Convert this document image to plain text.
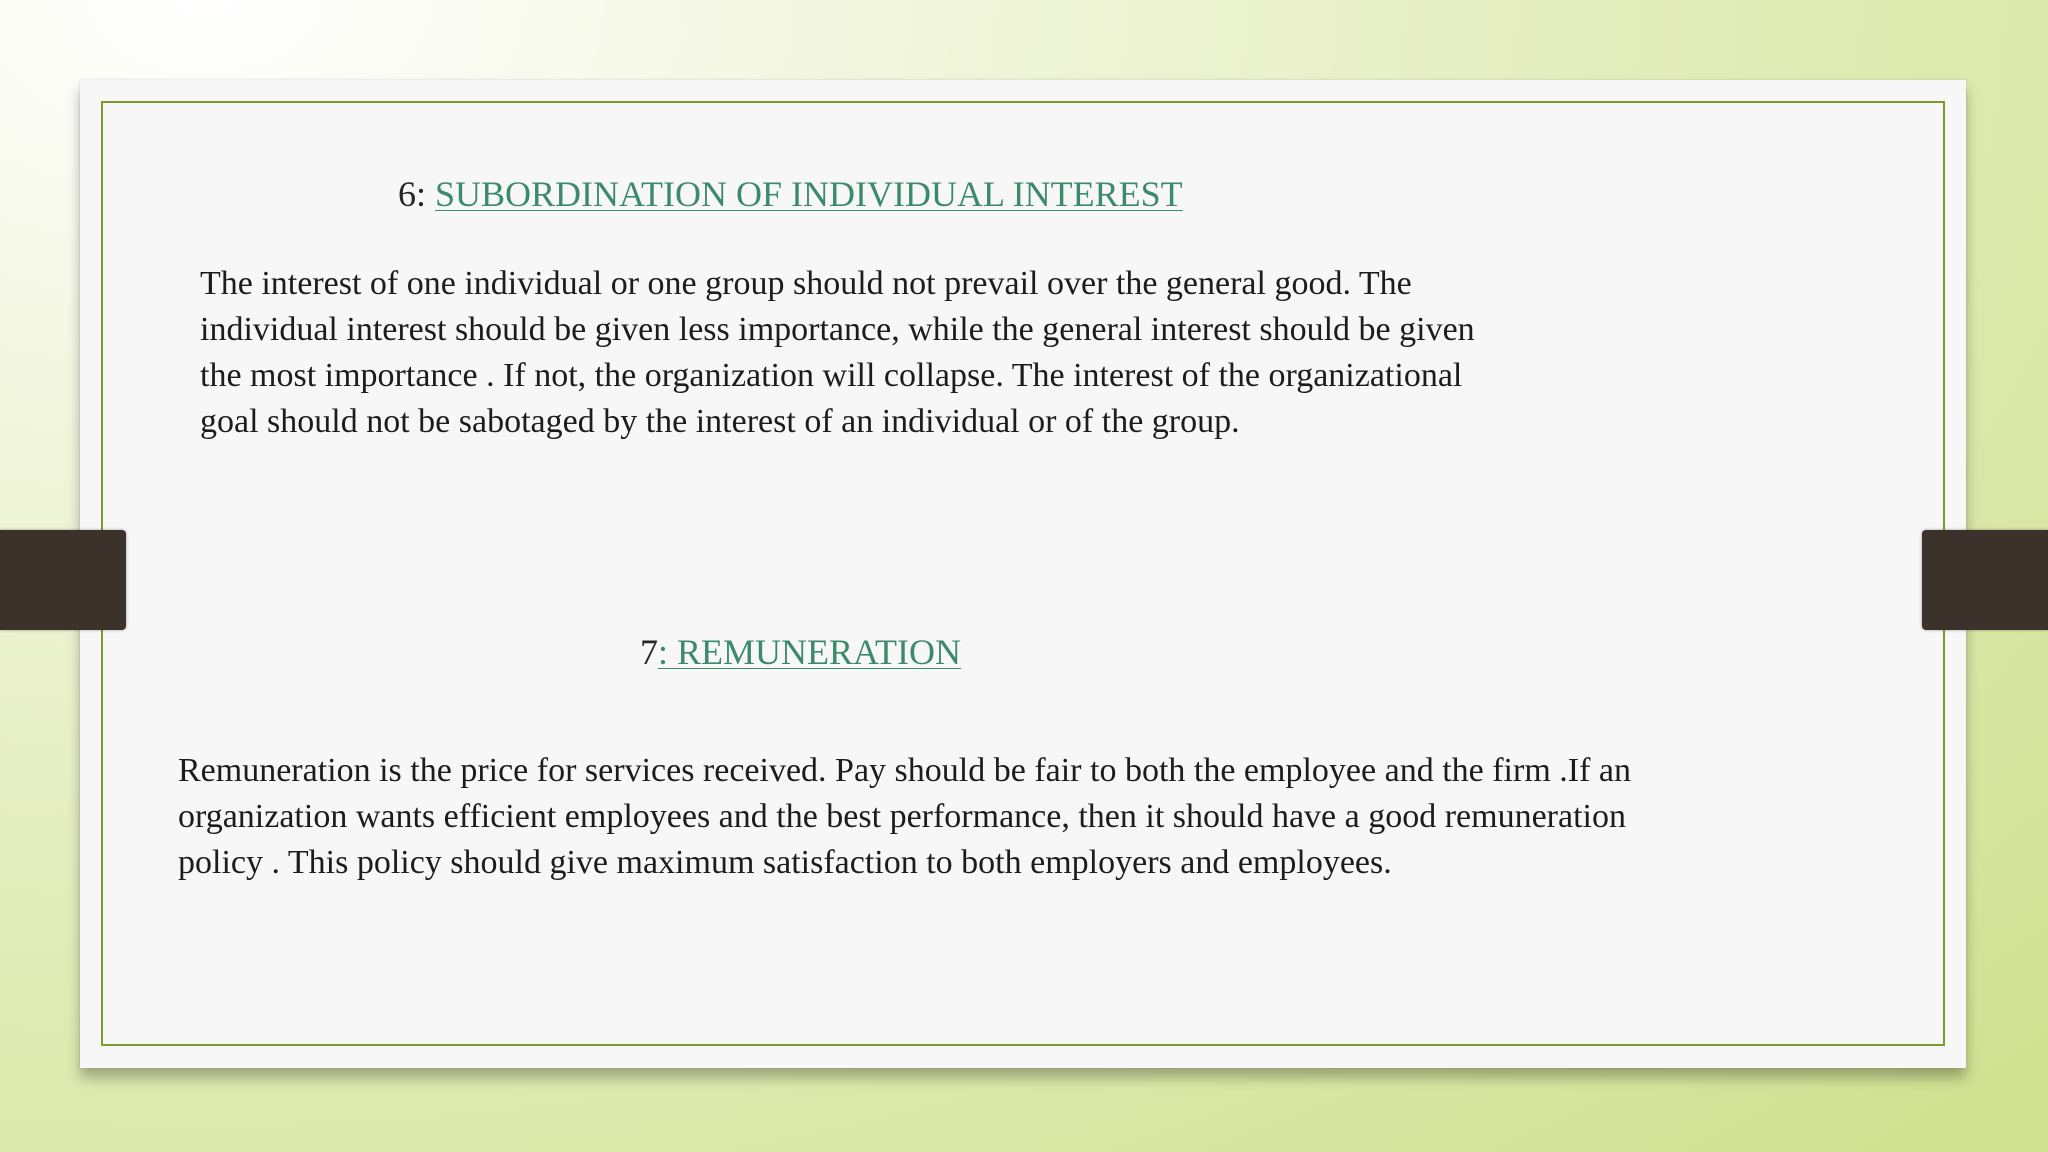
6: SUBORDINATION OF INDIVIDUAL INTEREST

The interest of one individual or one group should not prevail over the general good. The
individual interest should be given less importance, while the general interest should be given
the most importance . If not, the organization will collapse. The interest of the organizational
goal should not be sabotaged by the interest of an individual or of the group.

7: REMUNERATION

Remuneration is the price for services received. Pay should be fair to both the employee and the firm .If an
organization wants efficient employees and the best performance, then it should have a good remuneration
policy . This policy should give maximum satisfaction to both employers and employees.
